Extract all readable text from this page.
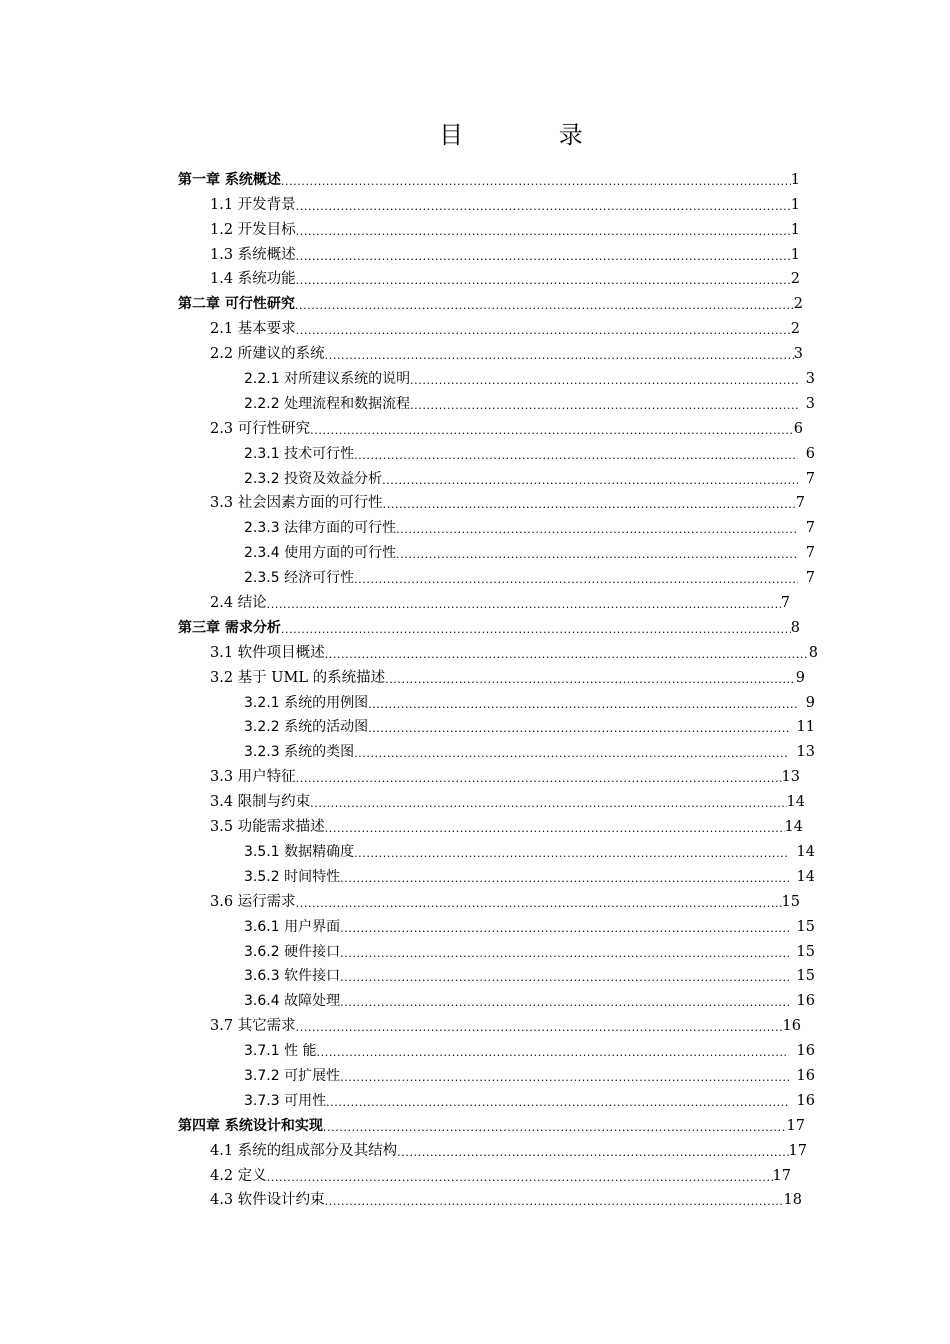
目 录
第一章 系统概述 .....	1
1.1 开发背景 .....	1
1.2 开发目标 .....	1
1.3 系统概述 .....	1
1.4 系统功能 .....	2
第二章 可行性研究 .....	2
2.1 基本要求 .....	2
2.2 所建议的系统 .....	3
2.2.1 对所建议系统的说明 .....	3
2.2.2 处理流程和数据流程 .....	3
2.3 可行性研究 .....	6
2.3.1 技术可行性 .....	6
2.3.2 投资及效益分析 .....	7
3.3 社会因素方面的可行性 .....	7
2.3.3 法律方面的可行性 .....	7
2.3.4 使用方面的可行性 .....	7
2.3.5 经济可行性 .....	7
2.4 结论 .....	7
第三章 需求分析 .....	8
3.1 软件项目概述 .....	8
3.2 基于 UML 的系统描述 .....	9
3.2.1 系统的用例图 .....	9
3.2.2 系统的活动图 .....	11
3.2.3 系统的类图 .....	13
3.3 用户特征 .....	13
3.4 限制与约束 .....	14
3.5 功能需求描述 .....	14
3.5.1 数据精确度 .....	14
3.5.2 时间特性 .....	14
3.6 运行需求 .....	15
3.6.1 用户界面 .....	15
3.6.2 硬件接口 .....	15
3.6.3 软件接口 .....	15
3.6.4 故障处理 .....	16
3.7 其它需求 .....	16
3.7.1 性 能 .....	16
3.7.2 可扩展性 .....	16
3.7.3 可用性 .....	16
第四章 系统设计和实现 .....	17
4.1 系统的组成部分及其结构 .....	17
4.2 定义 .....	17
4.3 软件设计约束 .....	18
